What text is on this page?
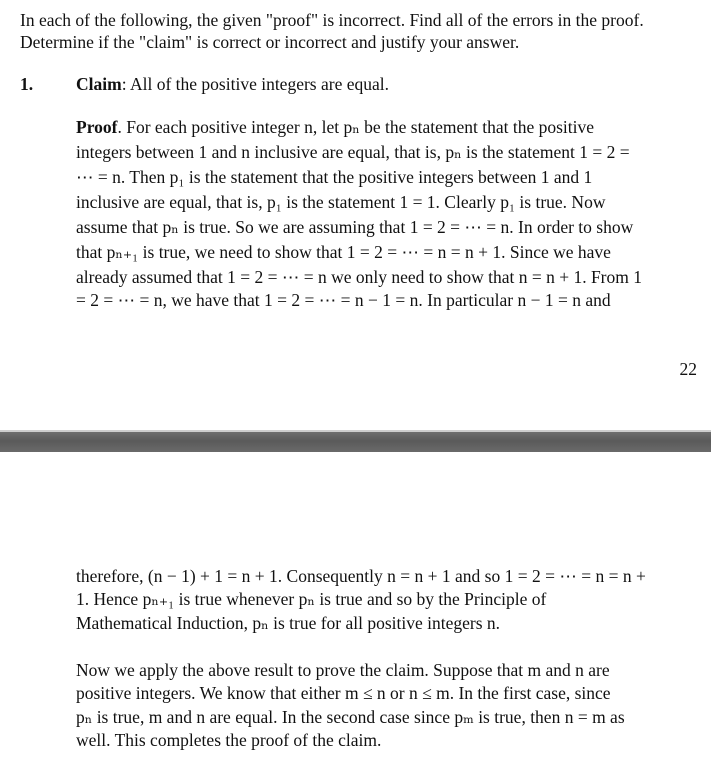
In each of the following, the given "proof" is incorrect. Find all of the errors in the proof.
Determine if the "claim" is correct or incorrect and justify your answer.
1. Claim: All of the positive integers are equal.
Proof. For each positive integer n, let pₙ be the statement that the positive
integers between 1 and n inclusive are equal, that is, pₙ is the statement 1 = 2 =
⋯ = n. Then p₁ is the statement that the positive integers between 1 and 1
inclusive are equal, that is, p₁ is the statement 1 = 1. Clearly p₁ is true. Now
assume that pₙ is true. So we are assuming that 1 = 2 = ⋯ = n. In order to show
that pₙ₊₁ is true, we need to show that 1 = 2 = ⋯ = n = n + 1. Since we have
already assumed that 1 = 2 = ⋯ = n we only need to show that n = n + 1. From 1
= 2 = ⋯ = n, we have that 1 = 2 = ⋯ = n − 1 = n. In particular n − 1 = n and
22
therefore, (n − 1) + 1 = n + 1. Consequently n = n + 1 and so 1 = 2 = ⋯ = n = n +
1. Hence pₙ₊₁ is true whenever pₙ is true and so by the Principle of
Mathematical Induction, pₙ is true for all positive integers n.
Now we apply the above result to prove the claim. Suppose that m and n are
positive integers. We know that either m ≤ n or n ≤ m. In the first case, since
pₙ is true, m and n are equal. In the second case since pₘ is true, then n = m as
well. This completes the proof of the claim.
